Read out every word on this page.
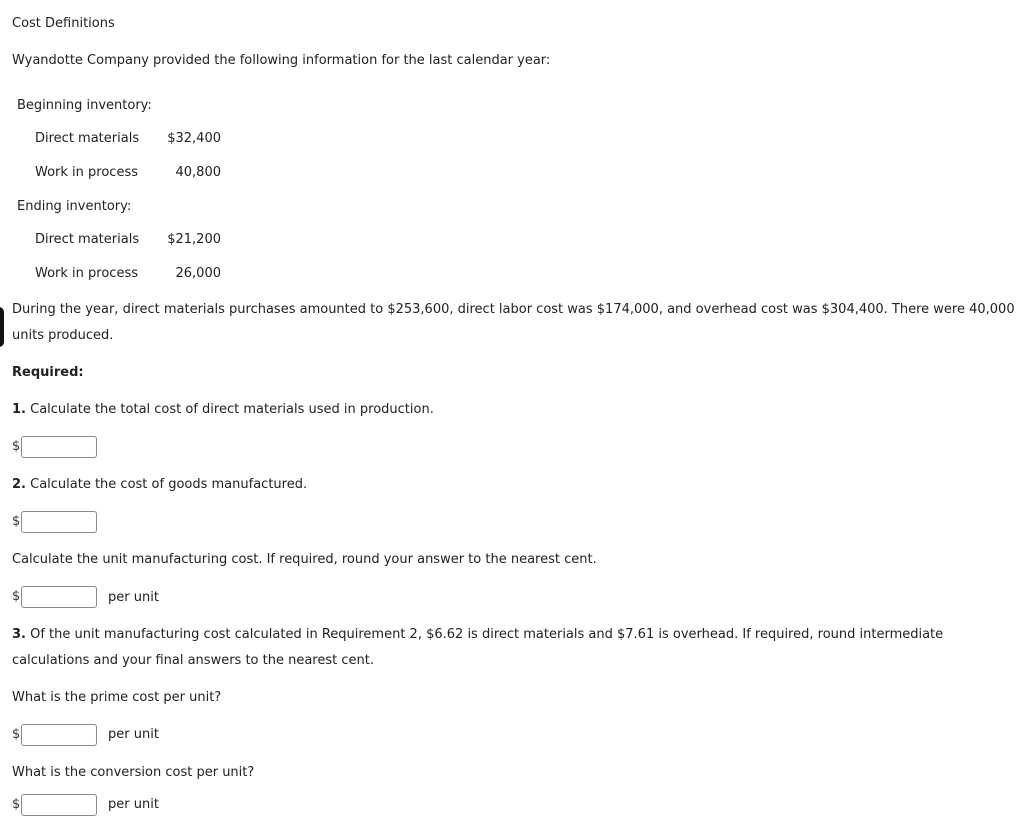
Cost Definitions
Wyandotte Company provided the following information for the last calendar year:
Beginning inventory:
Direct materials	$32,400
Work in process	40,800
Ending inventory:
Direct materials	$21,200
Work in process	26,000
During the year, direct materials purchases amounted to $253,600, direct labor cost was $174,000, and overhead cost was $304,400. There were 40,000 units produced.
Required:
1. Calculate the total cost of direct materials used in production.
$
2. Calculate the cost of goods manufactured.
$
Calculate the unit manufacturing cost. If required, round your answer to the nearest cent.
$	per unit
3. Of the unit manufacturing cost calculated in Requirement 2, $6.62 is direct materials and $7.61 is overhead. If required, round intermediate calculations and your final answers to the nearest cent.
What is the prime cost per unit?
$	per unit
What is the conversion cost per unit?
$	per unit
